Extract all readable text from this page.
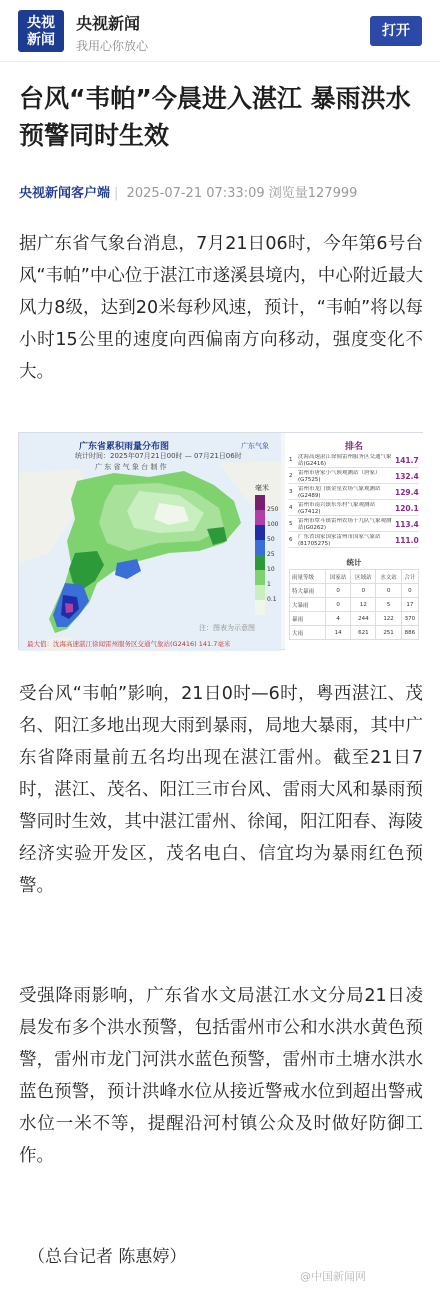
央视
新闻
央视新闻
我用心你放心
打开
台风“韦帕”今晨进入湛江 暴雨洪水预警同时生效
央视新闻客户端 | 2025-07-21 07:33:09 浏览量127999

据广东省气象台消息，7月21日06时，今年第6号台风“韦帕”中心位于湛江市遂溪县境内，中心附近最大风力8级，达到20米每秒风速，预计，“韦帕”将以每小时15公里的速度向西偏南方向移动，强度变化不大。

广东气象
广东省累积雨量分布图
统计时间：2025年07月21日00时 — 07月21日06时
广 东 省 气 象 台 制 作
毫米
250
100
50
25
10
1
0.1
注：图表为示意图
最大值：沈海高速湛江徐闻雷州服务区交通气象站(G2416) 141.7毫米
排名
1	沈海高速湛江徐闻雷州服务区交通气象站(G2416)	141.7
2	雷州市唐家小气候观测站（唐家）(G7525)	132.4
3	雷州市龙门镇金星农场气象观测站(G2489)	129.4
4	雷州市南兴镇东东村气象观测站(G7412)	120.1
5	雷州市覃斗镇雷州农场十九队气象观测站(G0262)	113.4
6	广东省国家国家雷州市国家气象站(81705275)	111.0
统计
雨量等级	国家站	区域站	水文站	合计
特大暴雨	0	0	0	0
大暴雨	0	12	5	17
暴雨	4	244	122	370
大雨	14	621	251	886

受台风“韦帕”影响，21日0时—6时，粤西湛江、茂名、阳江多地出现大雨到暴雨，局地大暴雨，其中广东省降雨量前五名均出现在湛江雷州。截至21日7时，湛江、茂名、阳江三市台风、雷雨大风和暴雨预警同时生效，其中湛江雷州、徐闻，阳江阳春、海陵经济实验开发区，茂名电白、信宜均为暴雨红色预警。

受强降雨影响，广东省水文局湛江水文分局21日凌晨发布多个洪水预警，包括雷州市公和水洪水黄色预警，雷州市龙门河洪水蓝色预警，雷州市土塘水洪水蓝色预警，预计洪峰水位从接近警戒水位到超出警戒水位一米不等，提醒沿河村镇公众及时做好防御工作。

（总台记者 陈惠婷）
@中国新闻网
